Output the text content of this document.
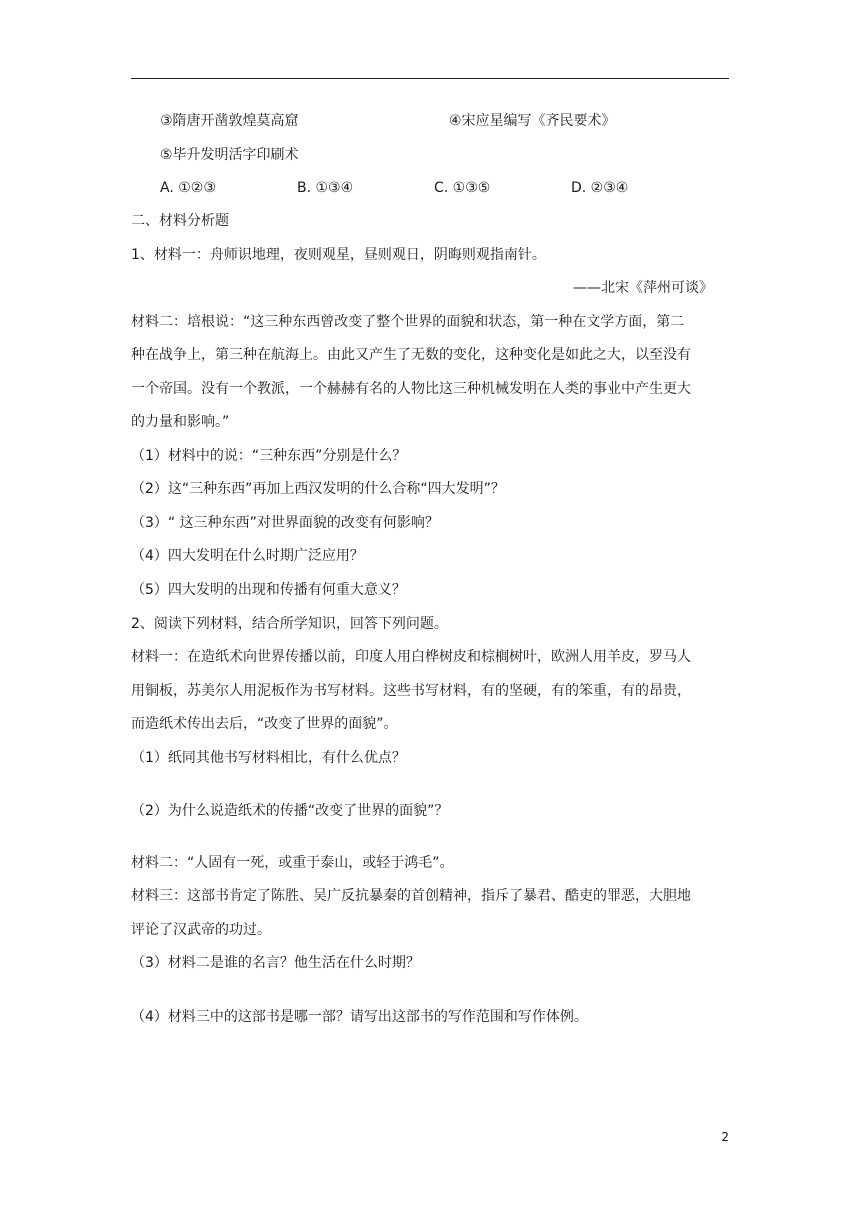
③隋唐开凿敦煌莫高窟	④宋应星编写《齐民要术》
⑤毕升发明活字印刷术
A. ①②③	B. ①③④	C. ①③⑤	D. ②③④
二、材料分析题
1、材料一：舟师识地理，夜则观星，昼则观日，阴晦则观指南针。
——北宋《萍州可谈》
材料二：培根说：“这三种东西曾改变了整个世界的面貌和状态，第一种在文学方面，第二
种在战争上，第三种在航海上。由此又产生了无数的变化，这种变化是如此之大，以至没有
一个帝国。没有一个教派，一个赫赫有名的人物比这三种机械发明在人类的事业中产生更大
的力量和影响。”
（1）材料中的说：“三种东西”分别是什么？
（2）这“三种东西”再加上西汉发明的什么合称“四大发明”？
（3）“ 这三种东西”对世界面貌的改变有何影响？
（4）四大发明在什么时期广泛应用？
（5）四大发明的出现和传播有何重大意义？
2、阅读下列材料，结合所学知识，回答下列问题。
材料一：在造纸术向世界传播以前，印度人用白桦树皮和棕榈树叶，欧洲人用羊皮，罗马人
用铜板，苏美尔人用泥板作为书写材料。这些书写材料，有的坚硬，有的笨重，有的昂贵，
而造纸术传出去后，“改变了世界的面貌”。
（1）纸同其他书写材料相比，有什么优点？
（2）为什么说造纸术的传播“改变了世界的面貌”？
材料二：“人固有一死，或重于泰山，或轻于鸿毛”。
材料三：这部书肯定了陈胜、吴广反抗暴秦的首创精神，指斥了暴君、酷吏的罪恶，大胆地
评论了汉武帝的功过。
（3）材料二是谁的名言？他生活在什么时期？
（4）材料三中的这部书是哪一部？请写出这部书的写作范围和写作体例。
2
